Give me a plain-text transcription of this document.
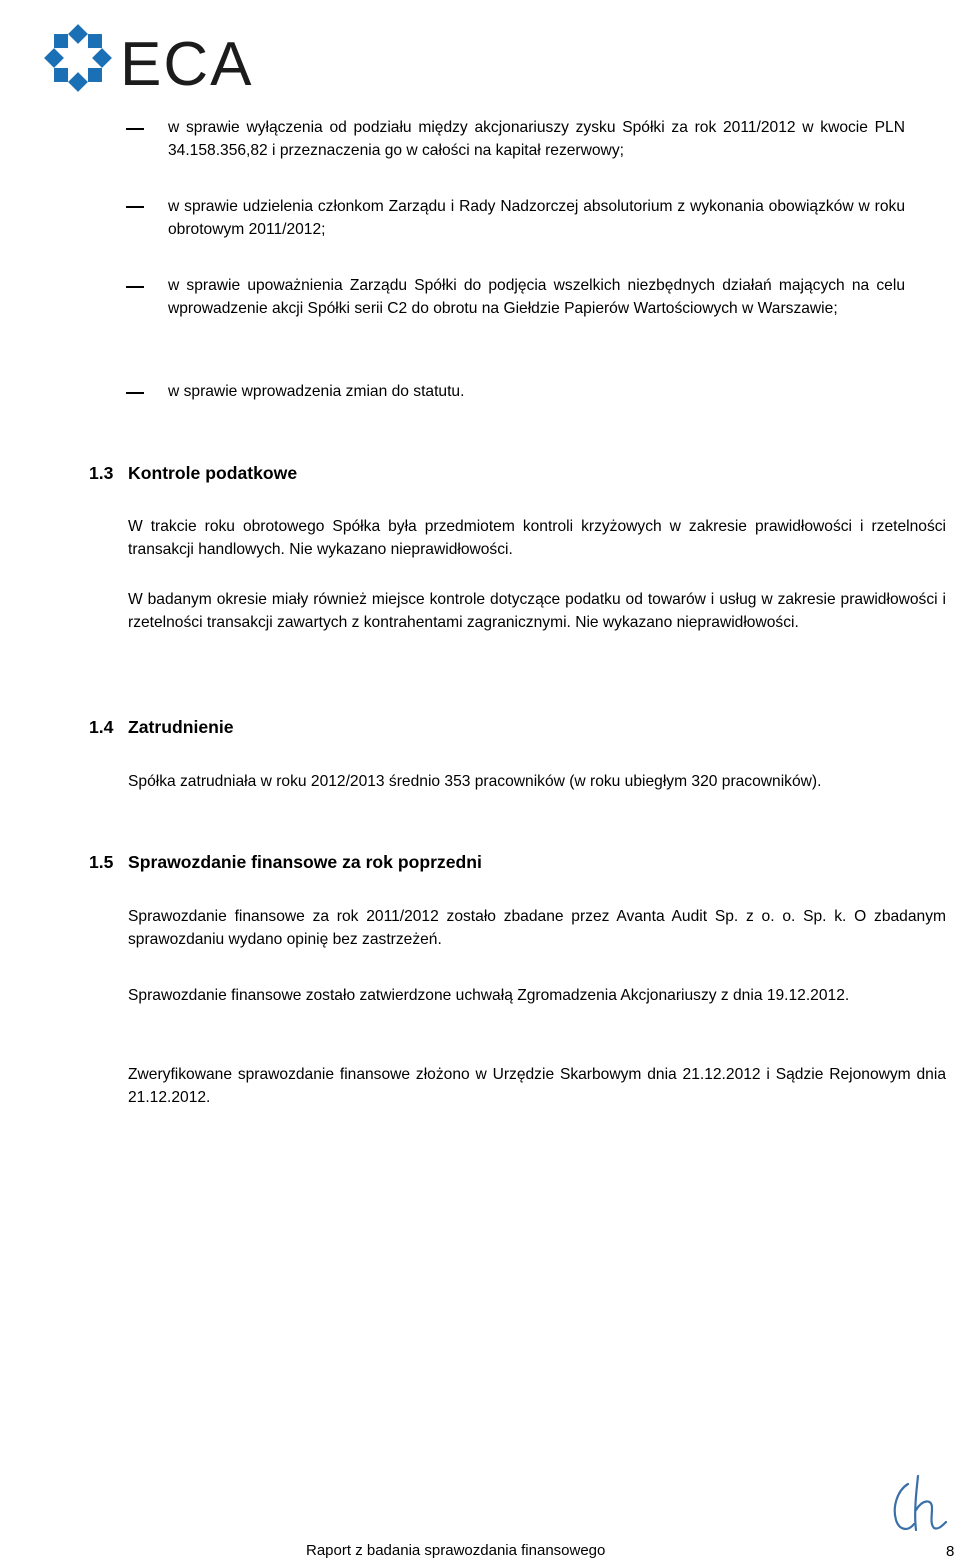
ECA
w sprawie wyłączenia od podziału między akcjonariuszy zysku Spółki za rok 2011/2012 w kwocie PLN 34.158.356,82 i przeznaczenia go w całości na kapitał rezerwowy;
w sprawie udzielenia członkom Zarządu i Rady Nadzorczej absolutorium z wykonania obowiązków w roku obrotowym 2011/2012;
w sprawie upoważnienia Zarządu Spółki do podjęcia wszelkich niezbędnych działań mających na celu wprowadzenie akcji Spółki serii C2 do obrotu na Giełdzie Papierów Wartościowych w Warszawie;
w sprawie wprowadzenia zmian do statutu.
1.3 Kontrole podatkowe
W trakcie roku obrotowego Spółka była przedmiotem kontroli krzyżowych w zakresie prawidłowości i rzetelności transakcji handlowych. Nie wykazano nieprawidłowości.
W badanym okresie miały również miejsce kontrole dotyczące podatku od towarów i usług w zakresie prawidłowości i rzetelności transakcji zawartych z kontrahentami zagranicznymi. Nie wykazano nieprawidłowości.
1.4 Zatrudnienie
Spółka zatrudniała w roku 2012/2013 średnio 353 pracowników (w roku ubiegłym 320 pracowników).
1.5 Sprawozdanie finansowe za rok poprzedni
Sprawozdanie finansowe za rok 2011/2012 zostało zbadane przez Avanta Audit Sp. z o. o. Sp. k. O zbadanym sprawozdaniu wydano opinię bez zastrzeżeń.
Sprawozdanie finansowe zostało zatwierdzone uchwałą Zgromadzenia Akcjonariuszy z dnia 19.12.2012.
Zweryfikowane sprawozdanie finansowe złożono w Urzędzie Skarbowym dnia 21.12.2012 i Sądzie Rejonowym dnia 21.12.2012.
Raport z badania sprawozdania finansowego	8
